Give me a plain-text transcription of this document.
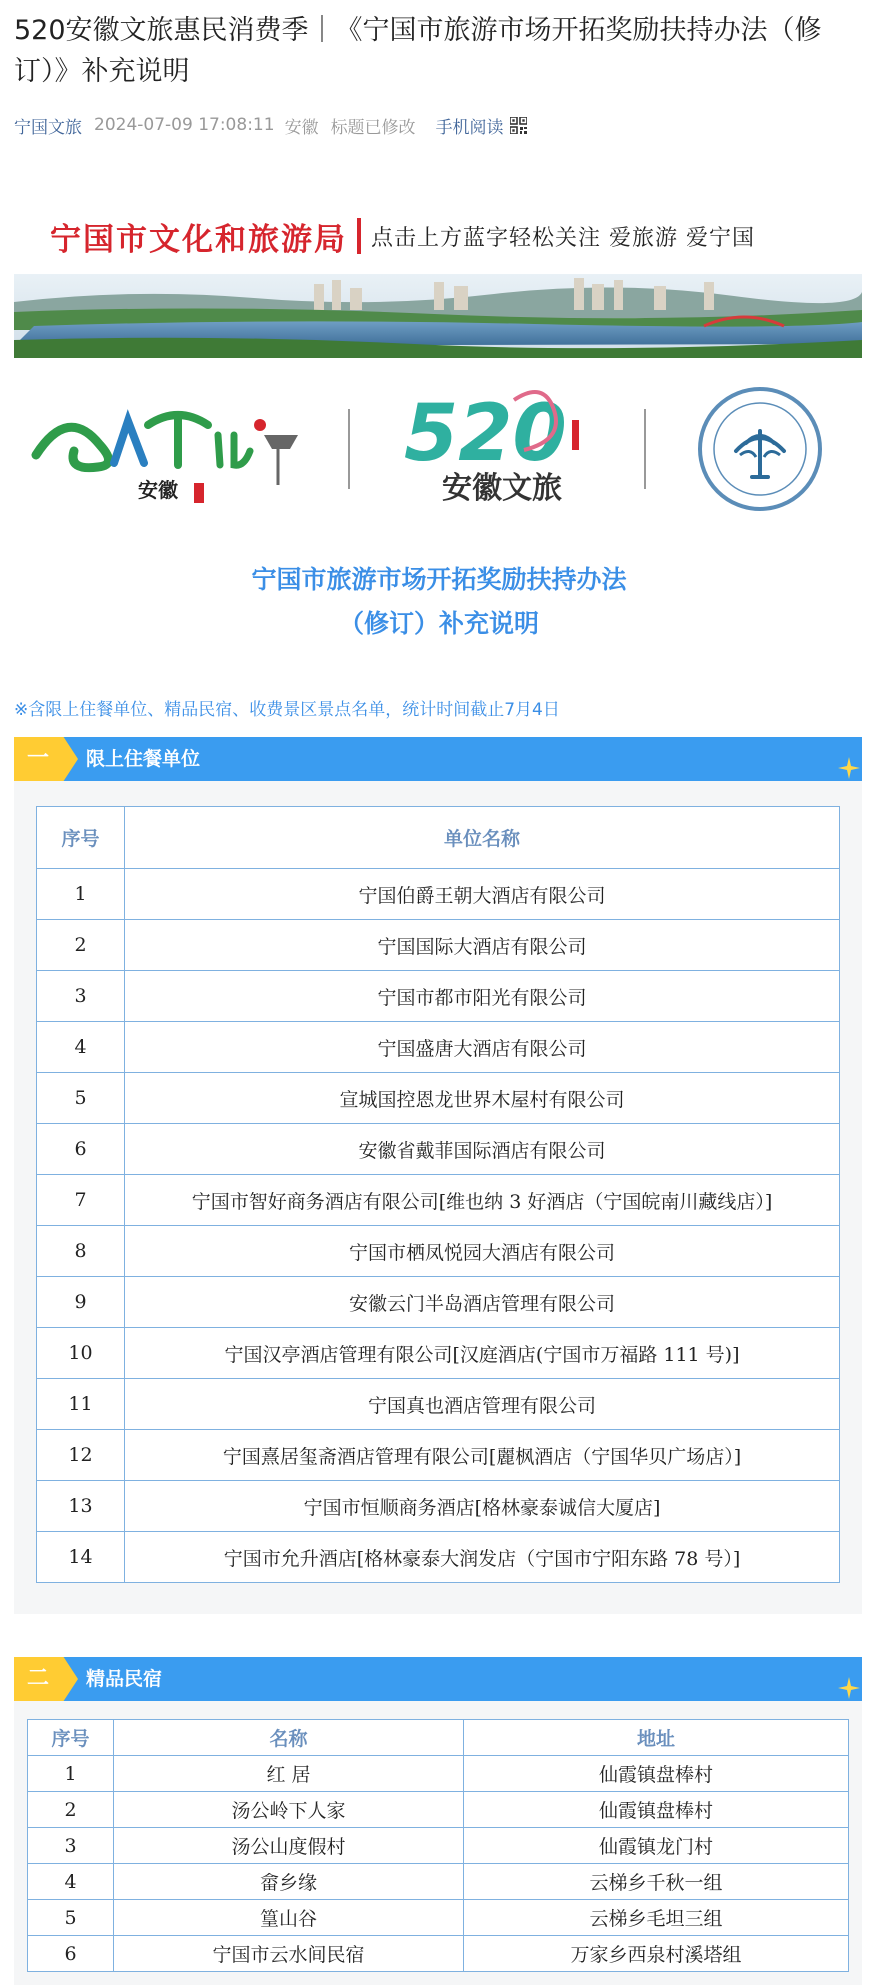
520安徽文旅惠民消费季｜《宁国市旅游市场开拓奖励扶持办法（修订）》补充说明
宁国文旅 2024-07-09 17:08:11 安徽 标题已修改 手机阅读
宁国市文化和旅游局 点击上方蓝字轻松关注 爱旅游 爱宁国
安徽
520
安徽文旅
宁国市旅游市场开拓奖励扶持办法
（修订）补充说明
※含限上住餐单位、精品民宿、收费景区景点名单，统计时间截止7月4日
一	限上住餐单位
序号	单位名称
1	宁国伯爵王朝大酒店有限公司
2	宁国国际大酒店有限公司
3	宁国市都市阳光有限公司
4	宁国盛唐大酒店有限公司
5	宣城国控恩龙世界木屋村有限公司
6	安徽省戴菲国际酒店有限公司
7	宁国市智好商务酒店有限公司[维也纳 3 好酒店（宁国皖南川藏线店）]
8	宁国市栖凤悦园大酒店有限公司
9	安徽云门半岛酒店管理有限公司
10	宁国汉亭酒店管理有限公司[汉庭酒店(宁国市万福路 111 号)]
11	宁国真也酒店管理有限公司
12	宁国熹居玺斋酒店管理有限公司[麗枫酒店（宁国华贝广场店）]
13	宁国市恒顺商务酒店[格林豪泰诚信大厦店]
14	宁国市允升酒店[格林豪泰大润发店（宁国市宁阳东路 78 号）]
二	精品民宿
序号	名称	地址
1	红 居	仙霞镇盘棒村
2	汤公岭下人家	仙霞镇盘棒村
3	汤公山度假村	仙霞镇龙门村
4	畲乡缘	云梯乡千秋一组
5	篁山谷	云梯乡毛坦三组
6	宁国市云水间民宿	万家乡西泉村溪塔组
